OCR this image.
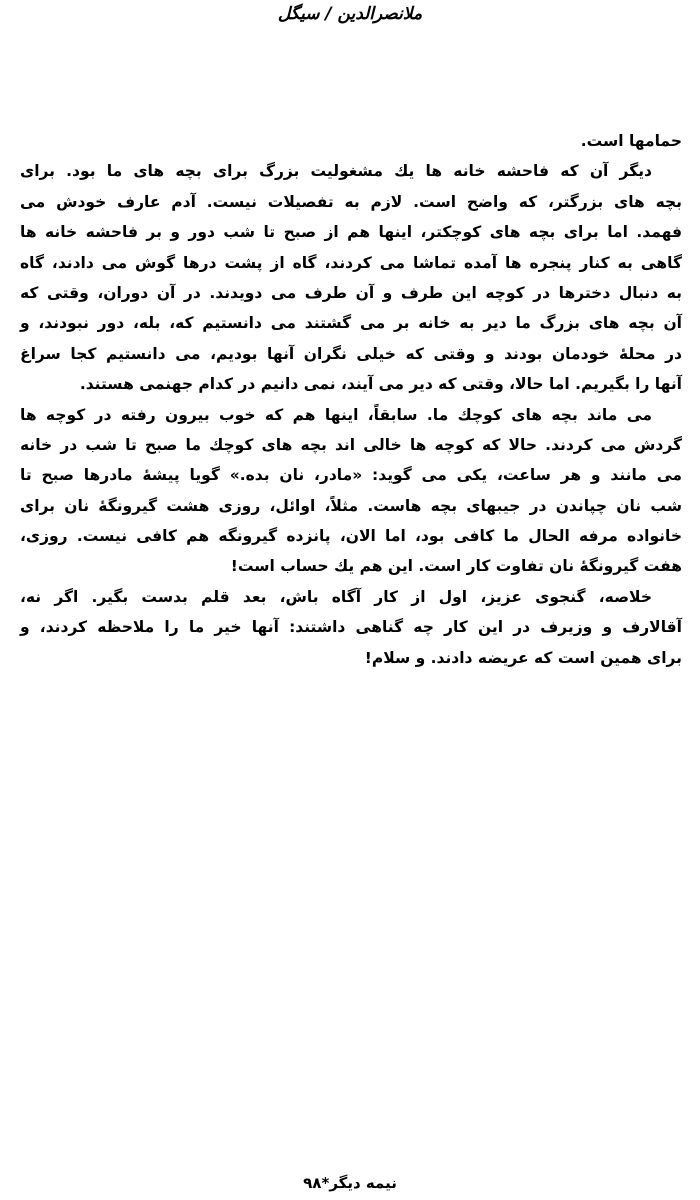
ملانصرالدین / سیگل
حمامها است.
دیگر آن که فاحشه خانه ها یك مشغولیت بزرگ برای بچه های ما بود. برای
بچه های بزرگتر، که واضح است. لازم به تفصیلات نیست. آدم عارف خودش می
فهمد. اما برای بچه های کوچکتر، اینها هم از صبح تا شب دور و بر فاحشه خانه ها
گاهی به کنار پنجره ها آمده تماشا می کردند، گاه از پشت درها گوش می دادند، گاه
به دنبال دخترها در کوچه این طرف و آن طرف می دویدند. در آن دوران، وقتی که
آن بچه های بزرگ ما دیر به خانه بر می گشتند می دانستیم که، بله، دور نبودند، و
در محلهٔ خودمان بودند و وقتی که خیلی نگران آنها بودیم، می دانستیم کجا سراغ
آنها را بگیریم. اما حالا، وقتی که دیر می آیند، نمی دانیم در کدام جهنمی هستند.
می ماند بچه های کوچك ما. سابقاً، اینها هم که خوب بیرون رفته در کوچه ها
گردش می کردند. حالا که کوچه ها خالی اند بچه های کوچك ما صبح تا شب در خانه
می مانند و هر ساعت، یکی می گوید: «مادر، نان بده.» گویا پیشهٔ مادرها صبح تا
شب نان چپاندن در جیبهای بچه هاست. مثلاً، اوائل، روزی هشت گیرونگهٔ نان برای
خانواده مرفه الحال ما کافی بود، اما الان، پانزده گیرونگه هم کافی نیست. روزی،
هفت گیرونگهٔ نان تفاوت کار است. این هم یك حساب است!
خلاصه، گنجوی عزیز، اول از کار آگاه باش، بعد قلم بدست بگیر. اگر نه،
آقالارف و وزیرف در این کار چه گناهی داشتند: آنها خیر ما را ملاحظه کردند، و
برای همین است که عریضه دادند. و سلام!
نیمه دیگر*۹۸
